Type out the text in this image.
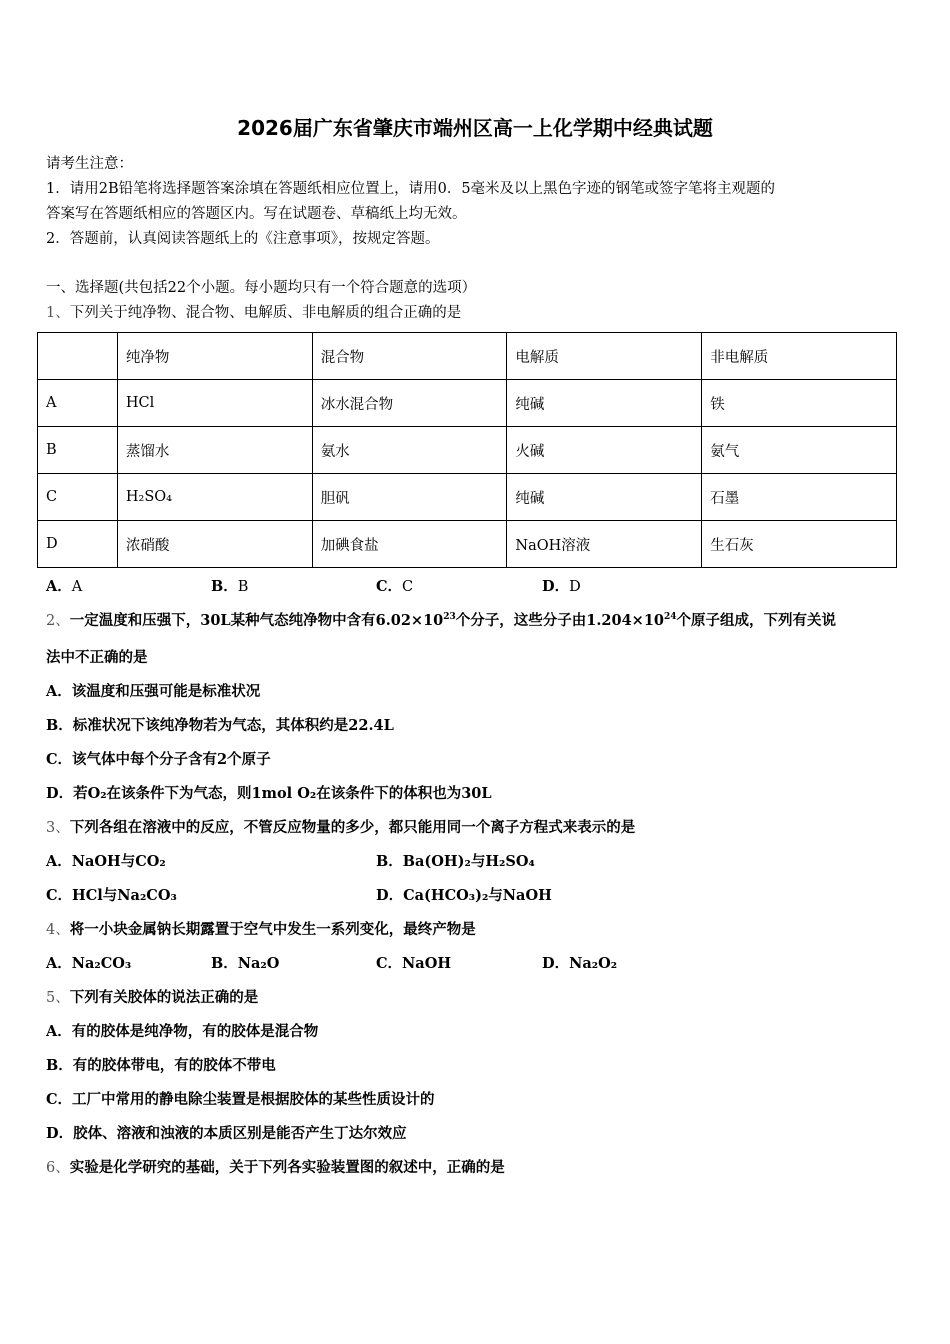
2026届广东省肇庆市端州区高一上化学期中经典试题
请考生注意：
1．请用2B铅笔将选择题答案涂填在答题纸相应位置上，请用0．5毫米及以上黑色字迹的钢笔或签字笔将主观题的
答案写在答题纸相应的答题区内。写在试题卷、草稿纸上均无效。
2．答题前，认真阅读答题纸上的《注意事项》，按规定答题。
一、选择题(共包括22个小题。每小题均只有一个符合题意的选项）
1、下列关于纯净物、混合物、电解质、非电解质的组合正确的是
	纯净物	混合物	电解质	非电解质
A	HCl	冰水混合物	纯碱	铁
B	蒸馏水	氨水	火碱	氨气
C	H₂SO₄	胆矾	纯碱	石墨
D	浓硝酸	加碘食盐	NaOH溶液	生石灰
A．A	B．B	C．C	D．D
2、一定温度和压强下，30L某种气态纯净物中含有$6.02\times 10^{23}$个分子，这些分子由$1.204\times 10^{24}$个原子组成，下列有关说
法中不正确的是
A．该温度和压强可能是标准状况
B．标准状况下该纯净物若为气态，其体积约是22.4L
C．该气体中每个分子含有2个原子
D．若O₂在该条件下为气态，则1mol O₂在该条件下的体积也为30L
3、下列各组在溶液中的反应，不管反应物量的多少，都只能用同一个离子方程式来表示的是
A．NaOH与CO₂	B．Ba(OH)₂与H₂SO₄
C．HCl与Na₂CO₃	D．Ca(HCO₃)₂与NaOH
4、将一小块金属钠长期露置于空气中发生一系列变化，最终产物是
A．Na₂CO₃	B．Na₂O	C．NaOH	D．Na₂O₂
5、下列有关胶体的说法正确的是
A．有的胶体是纯净物，有的胶体是混合物
B．有的胶体带电，有的胶体不带电
C．工厂中常用的静电除尘装置是根据胶体的某些性质设计的
D．胶体、溶液和浊液的本质区别是能否产生丁达尔效应
6、实验是化学研究的基础，关于下列各实验装置图的叙述中，正确的是
